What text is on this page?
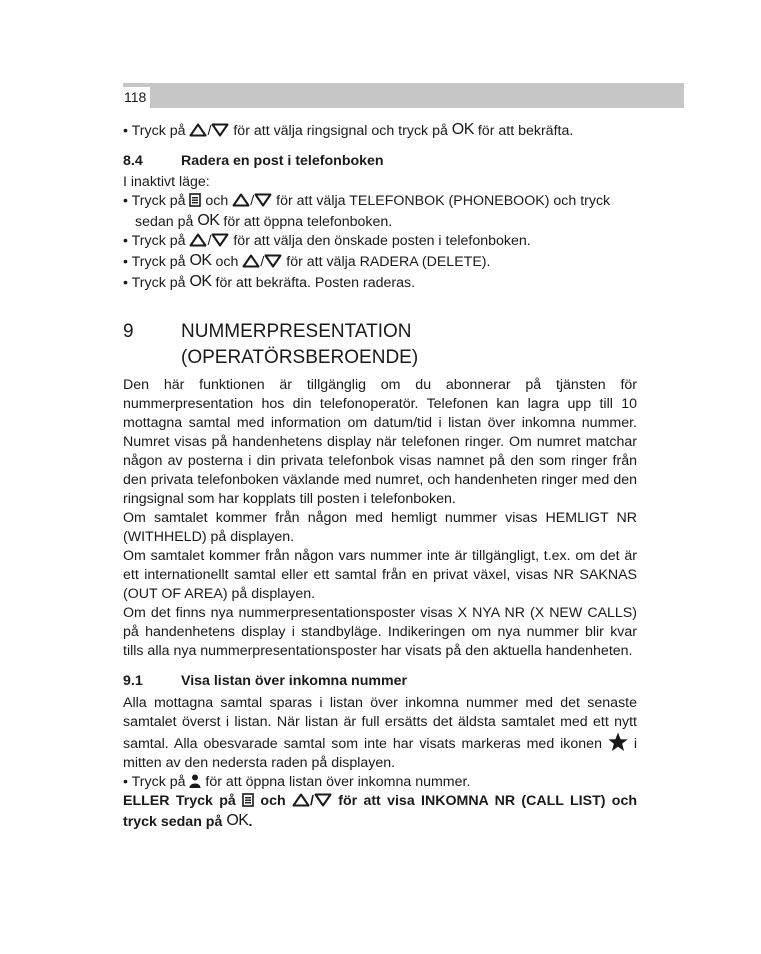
118

• Tryck på / för att välja ringsignal och tryck på OK för att bekräfta.

8.4	Radera en post i telefonboken

I inaktivt läge:

• Tryck på  och / för att välja TELEFONBOK (PHONEBOOK) och tryck sedan på OK för att öppna telefonboken.

• Tryck på / för att välja den önskade posten i telefonboken.

• Tryck på OK och / för att välja RADERA (DELETE).

• Tryck på OK för att bekräfta. Posten raderas.

9	NUMMERPRESENTATION
(OPERATÖRSBEROENDE)

Den här funktionen är tillgänglig om du abonnerar på tjänsten för nummerpresentation hos din telefonoperatör. Telefonen kan lagra upp till 10 mottagna samtal med information om datum/tid i listan över inkomna nummer. Numret visas på handenhetens display när telefonen ringer. Om numret matchar någon av posterna i din privata telefonbok visas namnet på den som ringer från den privata telefonboken växlande med numret, och handenheten ringer med den ringsignal som har kopplats till posten i telefonboken.

Om samtalet kommer från någon med hemligt nummer visas HEMLIGT NR (WITHHELD) på displayen.

Om samtalet kommer från någon vars nummer inte är tillgängligt, t.ex. om det är ett internationellt samtal eller ett samtal från en privat växel, visas NR SAKNAS (OUT OF AREA) på displayen.

Om det finns nya nummerpresentationsposter visas X NYA NR (X NEW CALLS) på handenhetens display i standbyläge. Indikeringen om nya nummer blir kvar tills alla nya nummerpresentationsposter har visats på den aktuella handenheten.

9.1	Visa listan över inkomna nummer

Alla mottagna samtal sparas i listan över inkomna nummer med det senaste samtalet överst i listan. När listan är full ersätts det äldsta samtalet med ett nytt samtal. Alla obesvarade samtal som inte har visats markeras med ikonen  i mitten av den nedersta raden på displayen.

• Tryck på  för att öppna listan över inkomna nummer.

ELLER Tryck på  och / för att visa INKOMNA NR (CALL LIST) och tryck sedan på OK.
